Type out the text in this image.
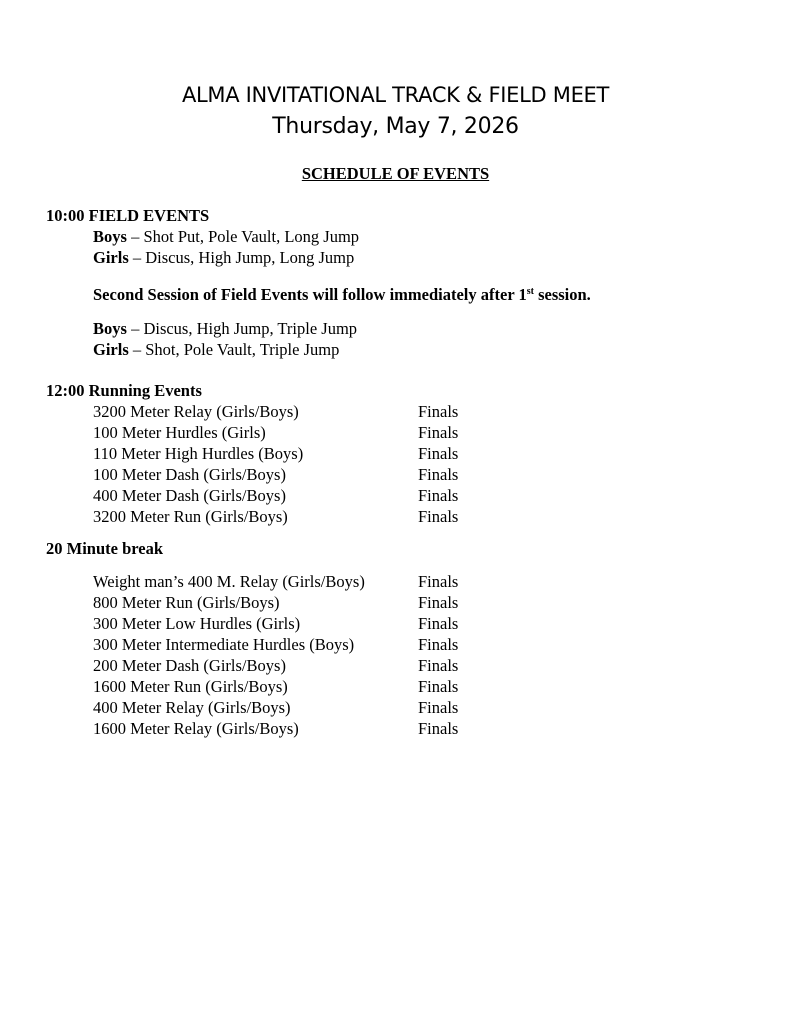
ALMA INVITATIONAL TRACK & FIELD MEET
Thursday, May 7, 2026
SCHEDULE OF EVENTS
10:00 FIELD EVENTS
Boys – Shot Put, Pole Vault, Long Jump
Girls – Discus, High Jump, Long Jump
Second Session of Field Events will follow immediately after 1st session.
Boys – Discus, High Jump, Triple Jump
Girls – Shot, Pole Vault, Triple Jump
12:00 Running Events
3200 Meter Relay (Girls/Boys)	Finals
100 Meter Hurdles (Girls)	Finals
110 Meter High Hurdles (Boys)	Finals
100 Meter Dash (Girls/Boys)	Finals
400 Meter Dash (Girls/Boys)	Finals
3200 Meter Run (Girls/Boys)	Finals
20 Minute break
Weight man’s 400 M. Relay (Girls/Boys)	Finals
800 Meter Run (Girls/Boys)	Finals
300 Meter Low Hurdles (Girls)	Finals
300 Meter Intermediate Hurdles (Boys)	Finals
200 Meter Dash (Girls/Boys)	Finals
1600 Meter Run (Girls/Boys)	Finals
400 Meter Relay (Girls/Boys)	Finals
1600 Meter Relay (Girls/Boys)	Finals
